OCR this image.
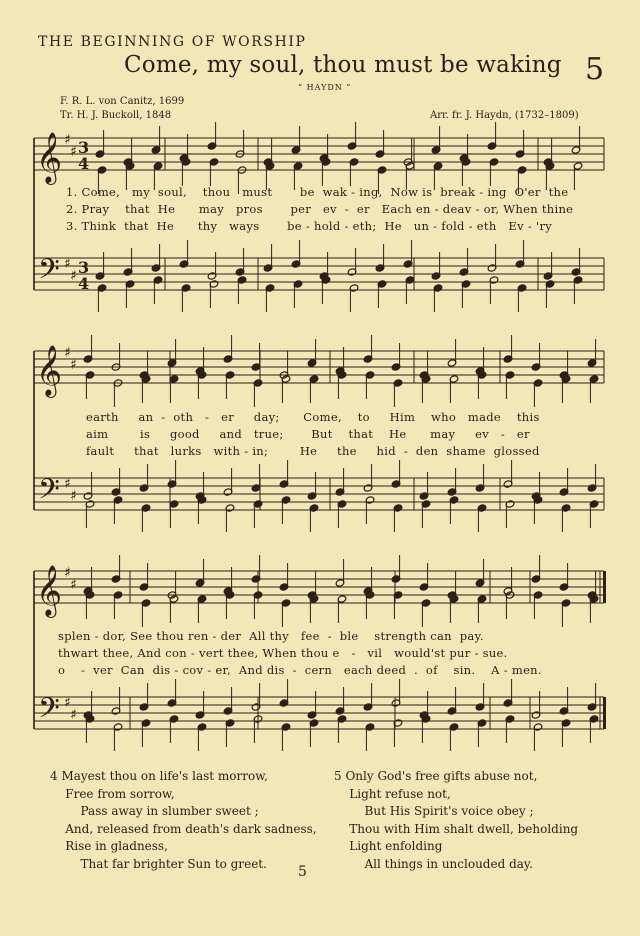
THE BEGINNING OF WORSHIP
Come, my soul, thou must be waking 5
“ HAYDN ”
F. R. L. von Canitz, 1699
Tr. H. J. Buckoll, 1848	Arr. fr. J. Haydn, (1732–1809)
𝄞
𝄢
♯
♯
♯
♯
3
4
3
4
𝄞
𝄢
♯
♯
♯
♯
𝄞
𝄢
♯
♯
♯
♯
1. Come,   my  soul,    thou   must       be  wak - ing,  Now is  break - ing  O'er  the
2. Pray    that  He      may   pros       per   ev  -  er   Each en - deav - or, When thine
3. Think  that  He      thy   ways       be - hold - eth;  He   un - fold - eth   Ev - 'ry
earth     an  -  oth   -   er     day;      Come,    to     Him    who   made    this
aim        is     good     and   true;       But    that    He      may     ev   -   er
fault     that   lurks   with - in;        He     the     hid  -  den  shame  glossed
splen - dor, See thou ren - der  All thy   fee  -  ble    strength can  pay.
thwart thee, And con - vert thee, When thou e   -   vil   would'st pur - sue.
o    -  ver  Can  dis - cov - er,  And dis  -  cern   each deed  .  of    sin.    A - men.
4 Mayest thou on life's last morrow,
Free from sorrow,
Pass away in slumber sweet ;
And, released from death's dark sadness,
Rise in gladness,
That far brighter Sun to greet.
5 Only God's free gifts abuse not,
Light refuse not,
But His Spirit's voice obey ;
Thou with Him shalt dwell, beholding
Light enfolding
All things in unclouded day.
5
